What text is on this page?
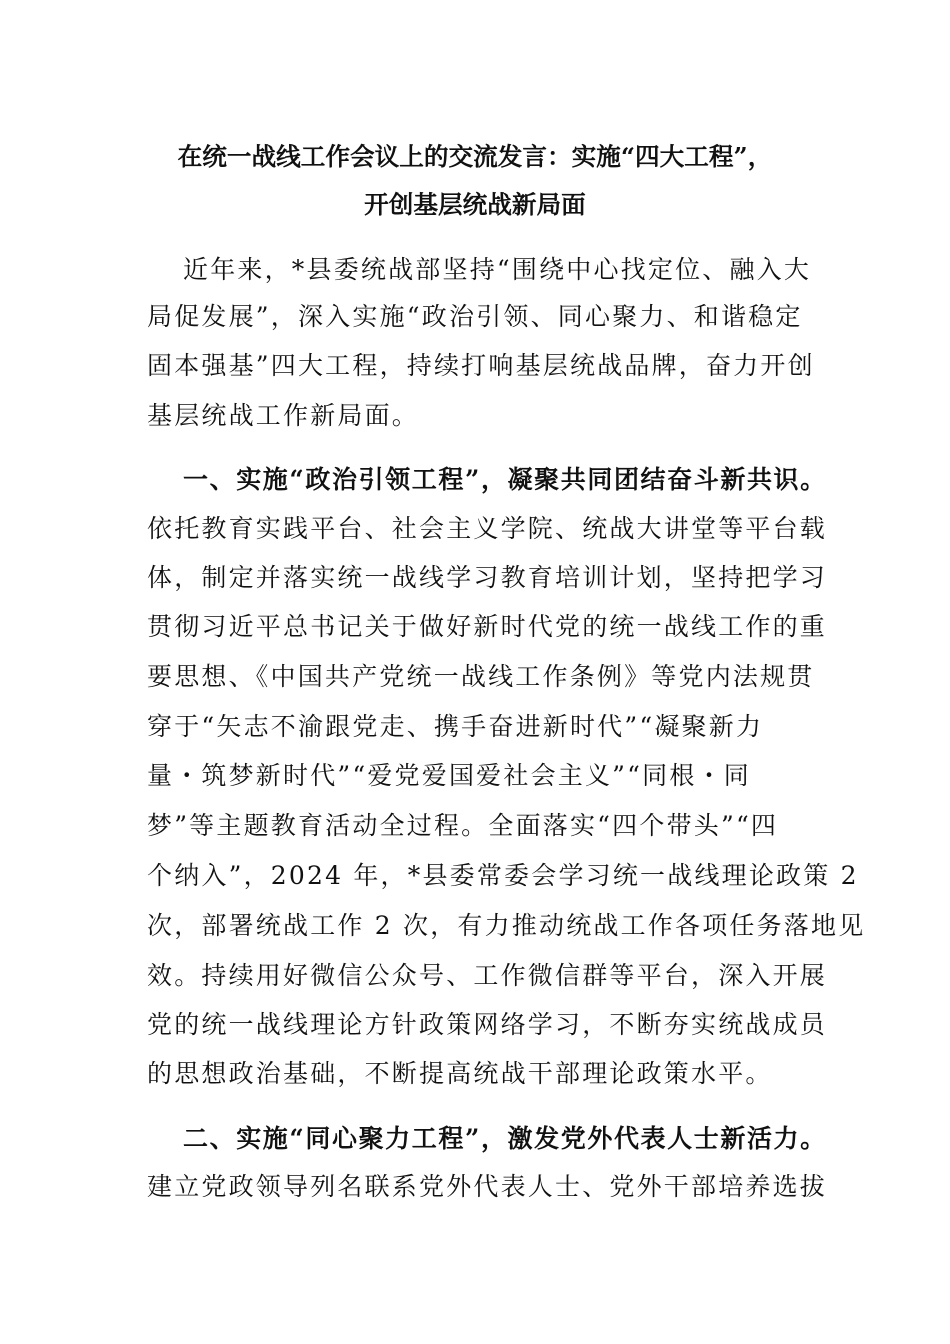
在统一战线工作会议上的交流发言：实施“四大工程”，
开创基层统战新局面
近年来，*县委统战部坚持“围绕中心找定位、融入大
局促发展”，深入实施“政治引领、同心聚力、和谐稳定
固本强基”四大工程，持续打响基层统战品牌，奋力开创
基层统战工作新局面。
一、实施“政治引领工程”，凝聚共同团结奋斗新共识。
依托教育实践平台、社会主义学院、统战大讲堂等平台载
体，制定并落实统一战线学习教育培训计划，坚持把学习
贯彻习近平总书记关于做好新时代党的统一战线工作的重
要思想、《中国共产党统一战线工作条例》等党内法规贯
穿于“矢志不渝跟党走、携手奋进新时代”“凝聚新力
量・筑梦新时代”“爱党爱国爱社会主义”“同根・同
梦”等主题教育活动全过程。全面落实“四个带头”“四
个纳入”，2024 年，*县委常委会学习统一战线理论政策 2
次，部署统战工作 2 次，有力推动统战工作各项任务落地见
效。持续用好微信公众号、工作微信群等平台，深入开展
党的统一战线理论方针政策网络学习，不断夯实统战成员
的思想政治基础，不断提高统战干部理论政策水平。
二、实施“同心聚力工程”，激发党外代表人士新活力。
建立党政领导列名联系党外代表人士、党外干部培养选拔
